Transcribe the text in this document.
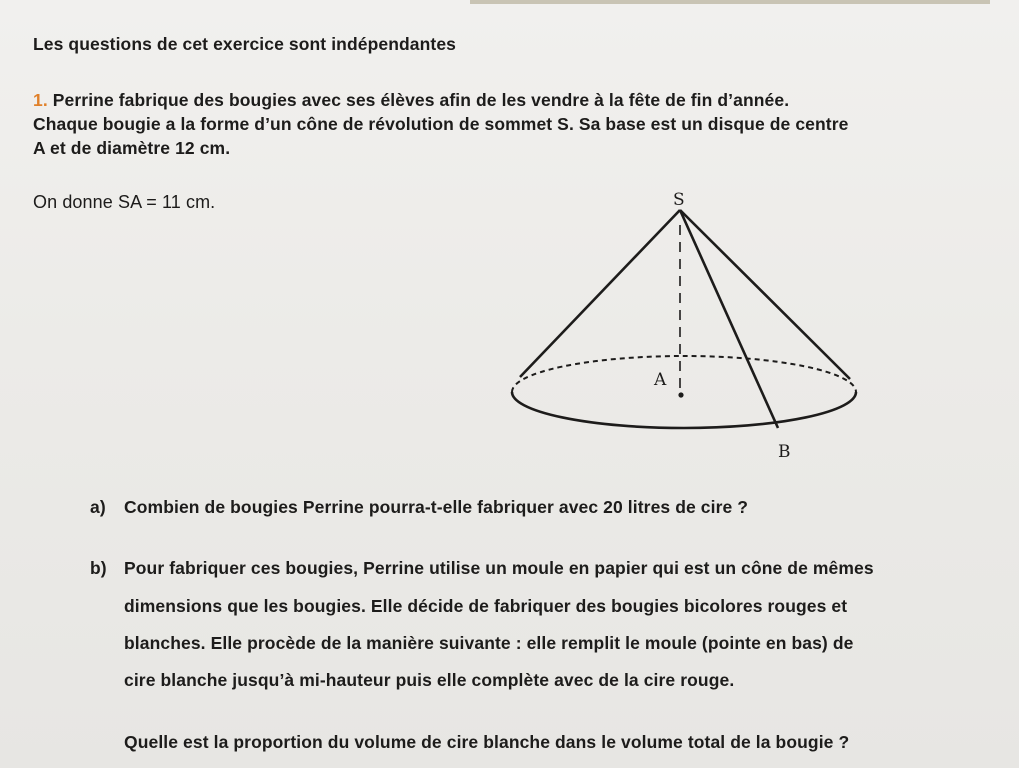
Les questions de cet exercice sont indépendantes
1. Perrine fabrique des bougies avec ses élèves afin de les vendre à la fête de fin d’année.
Chaque bougie a la forme d’un cône de révolution de sommet S. Sa base est un disque de centre
A et de diamètre 12 cm.
On donne SA = 11 cm.	S
A
B
a) Combien de bougies Perrine pourra-t-elle fabriquer avec 20 litres de cire ?
b) Pour fabriquer ces bougies, Perrine utilise un moule en papier qui est un cône de mêmes
dimensions que les bougies. Elle décide de fabriquer des bougies bicolores rouges et
blanches. Elle procède de la manière suivante : elle remplit le moule (pointe en bas) de
cire blanche jusqu’à mi-hauteur puis elle complète avec de la cire rouge.
Quelle est la proportion du volume de cire blanche dans le volume total de la bougie ?
